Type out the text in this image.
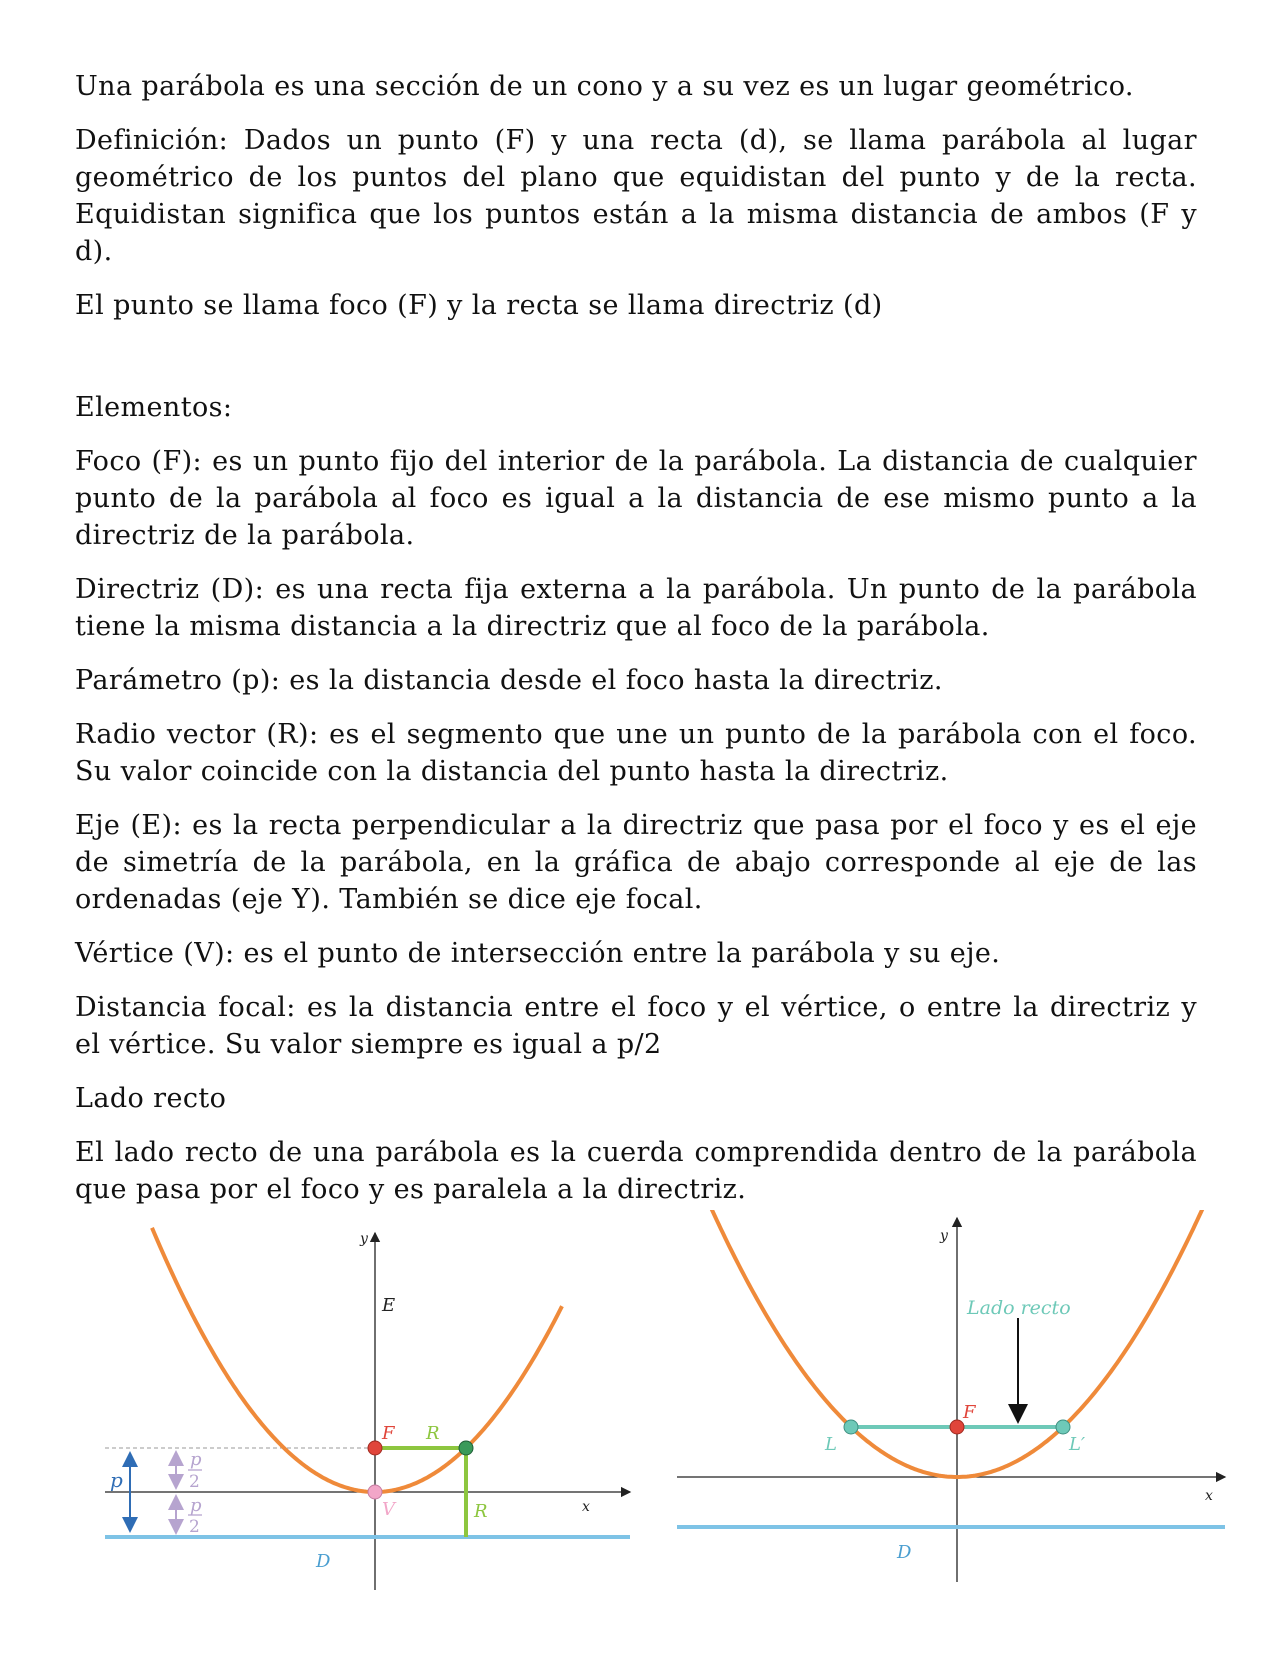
Una parábola es una sección de un cono y a su vez es un lugar geométrico.

Definición: Dados un punto (F) y una recta (d), se llama parábola al lugar geométrico de los puntos del plano que equidistan del punto y de la recta. Equidistan significa que los puntos están a la misma distancia de ambos (F y d).

El punto se llama foco (F) y la recta se llama directriz (d)

Elementos:

Foco (F): es un punto fijo del interior de la parábola. La distancia de cualquier punto de la parábola al foco es igual a la distancia de ese mismo punto a la directriz de la parábola.

Directriz (D): es una recta fija externa a la parábola. Un punto de la parábola tiene la misma distancia a la directriz que al foco de la parábola.

Parámetro (p): es la distancia desde el foco hasta la directriz.

Radio vector (R): es el segmento que une un punto de la parábola con el foco. Su valor coincide con la distancia del punto hasta la directriz.

Eje (E): es la recta perpendicular a la directriz que pasa por el foco y es el eje de simetría de la parábola, en la gráfica de abajo corresponde al eje de las ordenadas (eje Y). También se dice eje focal.

Vértice (V): es el punto de intersección entre la parábola y su eje.

Distancia focal: es la distancia entre el foco y el vértice, o entre la directriz y el vértice. Su valor siempre es igual a p/2

Lado recto

El lado recto de una parábola es la cuerda comprendida dentro de la parábola que pasa por el foco y es paralela a la directriz.

y
x
E
F R
R
V
D
p
p
2
p
2
y
x
Lado recto
F
L	L′
D
